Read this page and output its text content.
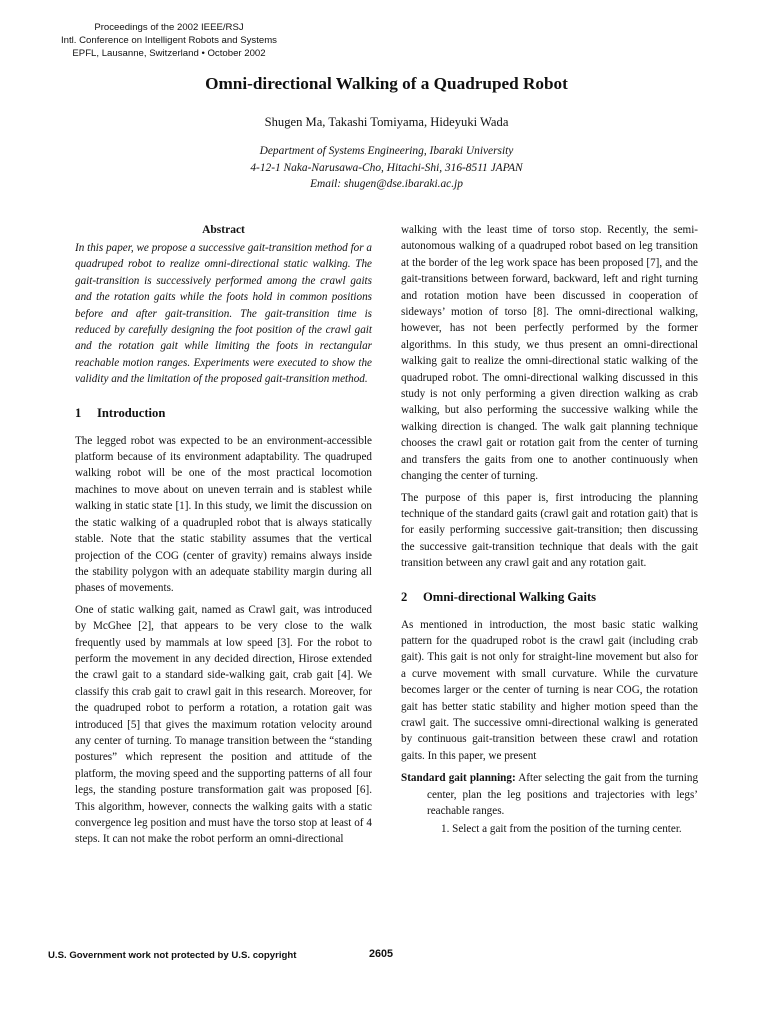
Proceedings of the 2002 IEEE/RSJ
Intl. Conference on Intelligent Robots and Systems
EPFL, Lausanne, Switzerland • October 2002
Omni-directional Walking of a Quadruped Robot
Shugen Ma, Takashi Tomiyama, Hideyuki Wada
Department of Systems Engineering, Ibaraki University
4-12-1 Naka-Narusawa-Cho, Hitachi-Shi, 316-8511 JAPAN
Email: shugen@dse.ibaraki.ac.jp
Abstract

In this paper, we propose a successive gait-transition method for a quadruped robot to realize omni-directional static walking. The gait-transition is successively performed among the crawl gaits and the rotation gaits while the foots hold in common positions before and after gait-transition. The gait-transition time is reduced by carefully designing the foot position of the crawl gait and the rotation gait while limiting the foots in rectangular reachable motion ranges. Experiments were executed to show the validity and the limitation of the proposed gait-transition method.

1 Introduction

The legged robot was expected to be an environment-accessible platform because of its environment adaptability. The quadruped walking robot will be one of the most practical locomotion machines to move about on uneven terrain and is stablest while walking in static state [1]. In this study, we limit the discussion on the static walking of a quadrupled robot that is always statically stable. Note that the static stability assumes that the vertical projection of the COG (center of gravity) remains always inside the stability polygon with an adequate stability margin during all phases of movements.

One of static walking gait, named as Crawl gait, was introduced by McGhee [2], that appears to be very close to the walk frequently used by mammals at low speed [3]. For the robot to perform the movement in any decided direction, Hirose extended the crawl gait to a standard side-walking gait, crab gait [4]. We classify this crab gait to crawl gait in this research. Moreover, for the quadruped robot to perform a rotation, a rotation gait was introduced [5] that gives the maximum rotation velocity around any center of turning. To manage transition between the “standing postures” which represent the position and attitude of the platform, the moving speed and the supporting patterns of all four legs, the standing posture transformation gait was proposed [6]. This algorithm, however, connects the walking gaits with a static convergence leg position and must have the torso stop at least of 4 steps. It can not make the robot perform an omni-directional

walking with the least time of torso stop. Recently, the semi-autonomous walking of a quadruped robot based on leg transition at the border of the leg work space has been proposed [7], and the gait-transitions between forward, backward, left and right turning and rotation motion have been discussed in cooperation of sideways’ motion of torso [8]. The omni-directional walking, however, has not been perfectly performed by the former algorithms. In this study, we thus present an omni-directional walking gait to realize the omni-directional static walking of the quadruped robot. The omni-directional walking discussed in this study is not only performing a given direction walking as crab walking, but also performing the successive walking while the walking direction is changed. The walk gait planning technique chooses the crawl gait or rotation gait from the center of turning and transfers the gaits from one to another continuously when changing the center of turning.

The purpose of this paper is, first introducing the planning technique of the standard gaits (crawl gait and rotation gait) that is for easily performing successive gait-transition; then discussing the successive gait-transition technique that deals with the gait transition between any crawl gait and any rotation gait.

2 Omni-directional Walking Gaits

As mentioned in introduction, the most basic static walking pattern for the quadruped robot is the crawl gait (including crab gait). This gait is not only for straight-line movement but also for a curve movement with small curvature. While the curvature becomes larger or the center of turning is near COG, the rotation gait has better static stability and higher motion speed than the crawl gait. The successive omni-directional walking is generated by continuous gait-transition between these crawl and rotation gaits. In this paper, we present

Standard gait planning: After selecting the gait from the turning center, plan the leg positions and trajectories with legs’ reachable ranges.
1. Select a gait from the position of the turning center.
U.S. Government work not protected by U.S. copyright	2605
